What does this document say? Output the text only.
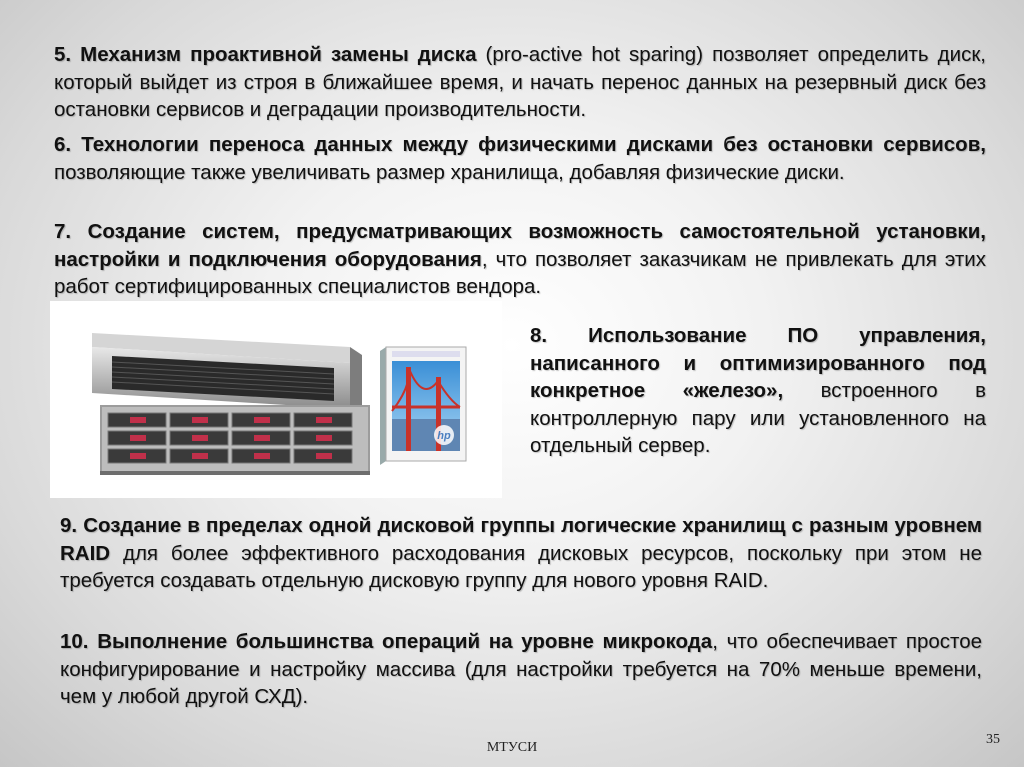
5. Механизм проактивной замены диска (pro-active hot sparing) позволяет определить диск, который выйдет из строя в ближайшее время, и начать перенос данных на резервный диск без остановки сервисов и деградации производительности.

6. Технологии переноса данных между физическими дисками без остановки сервисов, позволяющие также увеличивать размер хранилища, добавляя физические диски.

7. Создание систем, предусматривающих возможность самостоятельной установки, настройки и подключения оборудования, что позволяет заказчикам не привлекать для этих работ сертифицированных специалистов вендора.

hp

8. Использование ПО управления, написанного и оптимизированного под конкретное «железо», встроенного в контроллерную пару или установленного на отдельный сервер.

9. Создание в пределах одной дисковой группы логические хранилищ с разным уровнем RAID для более эффективного расходования дисковых ресурсов, поскольку при этом не требуется создавать отдельную дисковую группу для нового уровня RAID.

10. Выполнение большинства операций на уровне микрокода, что обеспечивает простое конфигурирование и настройку массива (для настройки требуется на 70% меньше времени, чем у любой другой СХД).

МТУСИ
35
